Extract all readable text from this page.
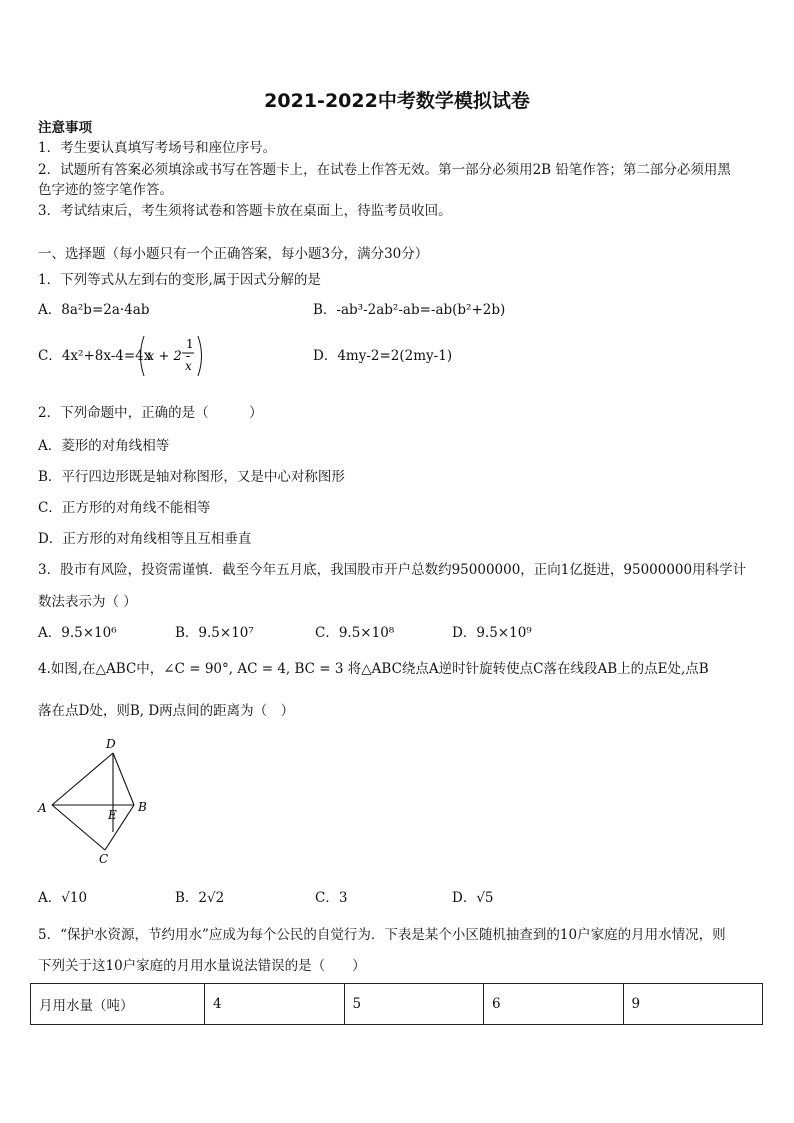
2021-2022中考数学模拟试卷
注意事项
1．考生要认真填写考场号和座位序号。
2．试题所有答案必须填涂或书写在答题卡上，在试卷上作答无效。第一部分必须用2B 铅笔作答；第二部分必须用黑
色字迹的签字笔作答。
3．考试结束后，考生须将试卷和答题卡放在桌面上，待监考员收回。
一、选择题（每小题只有一个正确答案，每小题3分，满分30分）
1．下列等式从左到右的变形,属于因式分解的是
A．8a²b=2a·4ab	B．-ab³-2ab²-ab=-ab(b²+2b)
C．4x²+8x-4=4x
x + 2 -
1
x
D．4my-2=2(2my-1)
2．下列命题中，正确的是（　　　）
A．菱形的对角线相等
B．平行四边形既是轴对称图形，又是中心对称图形
C．正方形的对角线不能相等
D．正方形的对角线相等且互相垂直
3．股市有风险，投资需谨慎．截至今年五月底，我国股市开户总数约95000000，正向1亿挺进，95000000用科学计
数法表示为（ ）
A．9.5×10⁶	B．9.5×10⁷	C．9.5×10⁸	D．9.5×10⁹
4.如图,在△ABC中，∠C = 90°, AC = 4, BC = 3 将△ABC绕点A逆时针旋转使点C落在线段AB上的点E处,点B
落在点D处，则B, D两点间的距离为（　）
D
A	B
E
C
A．√10	B．2√2	C．3	D．√5
5．“保护水资源，节约用水”应成为每个公民的自觉行为．下表是某个小区随机抽查到的10户家庭的月用水情况，则
下列关于这10户家庭的月用水量说法错误的是（　　）
月用水量（吨）	4	5	6	9
